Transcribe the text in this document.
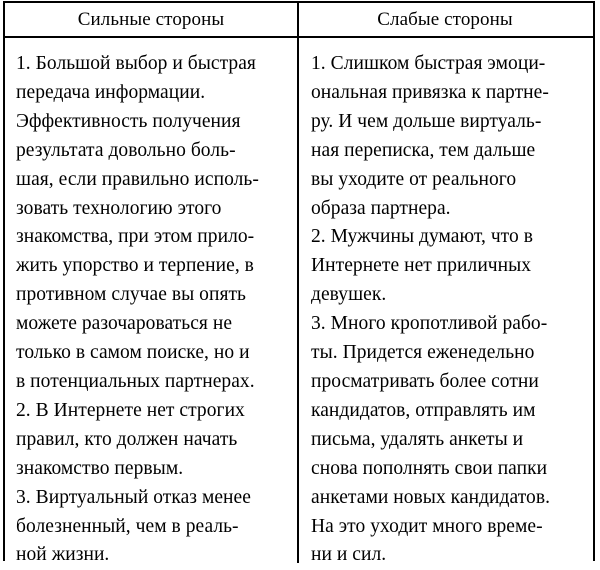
Сильные стороны	Слабые стороны
1. Большой выбор и быстрая
передача информации.
Эффективность получения
результата довольно боль-
шая, если правильно исполь-
зовать технологию этого
знакомства, при этом прило-
жить упорство и терпение, в
противном случае вы опять
можете разочароваться не
только в самом поиске, но и
в потенциальных партнерах.
2. В Интернете нет строгих
правил, кто должен начать
знакомство первым.
3. Виртуальный отказ менее
болезненный, чем в реаль-
ной жизни.
1. Слишком быстрая эмоци-
ональная привязка к партне-
ру. И чем дольше виртуаль-
ная переписка, тем дальше
вы уходите от реального
образа партнера.
2. Мужчины думают, что в
Интернете нет приличных
девушек.
3. Много кропотливой рабо-
ты. Придется еженедельно
просматривать более сотни
кандидатов, отправлять им
письма, удалять анкеты и
снова пополнять свои папки
анкетами новых кандидатов.
На это уходит много време-
ни и сил.
